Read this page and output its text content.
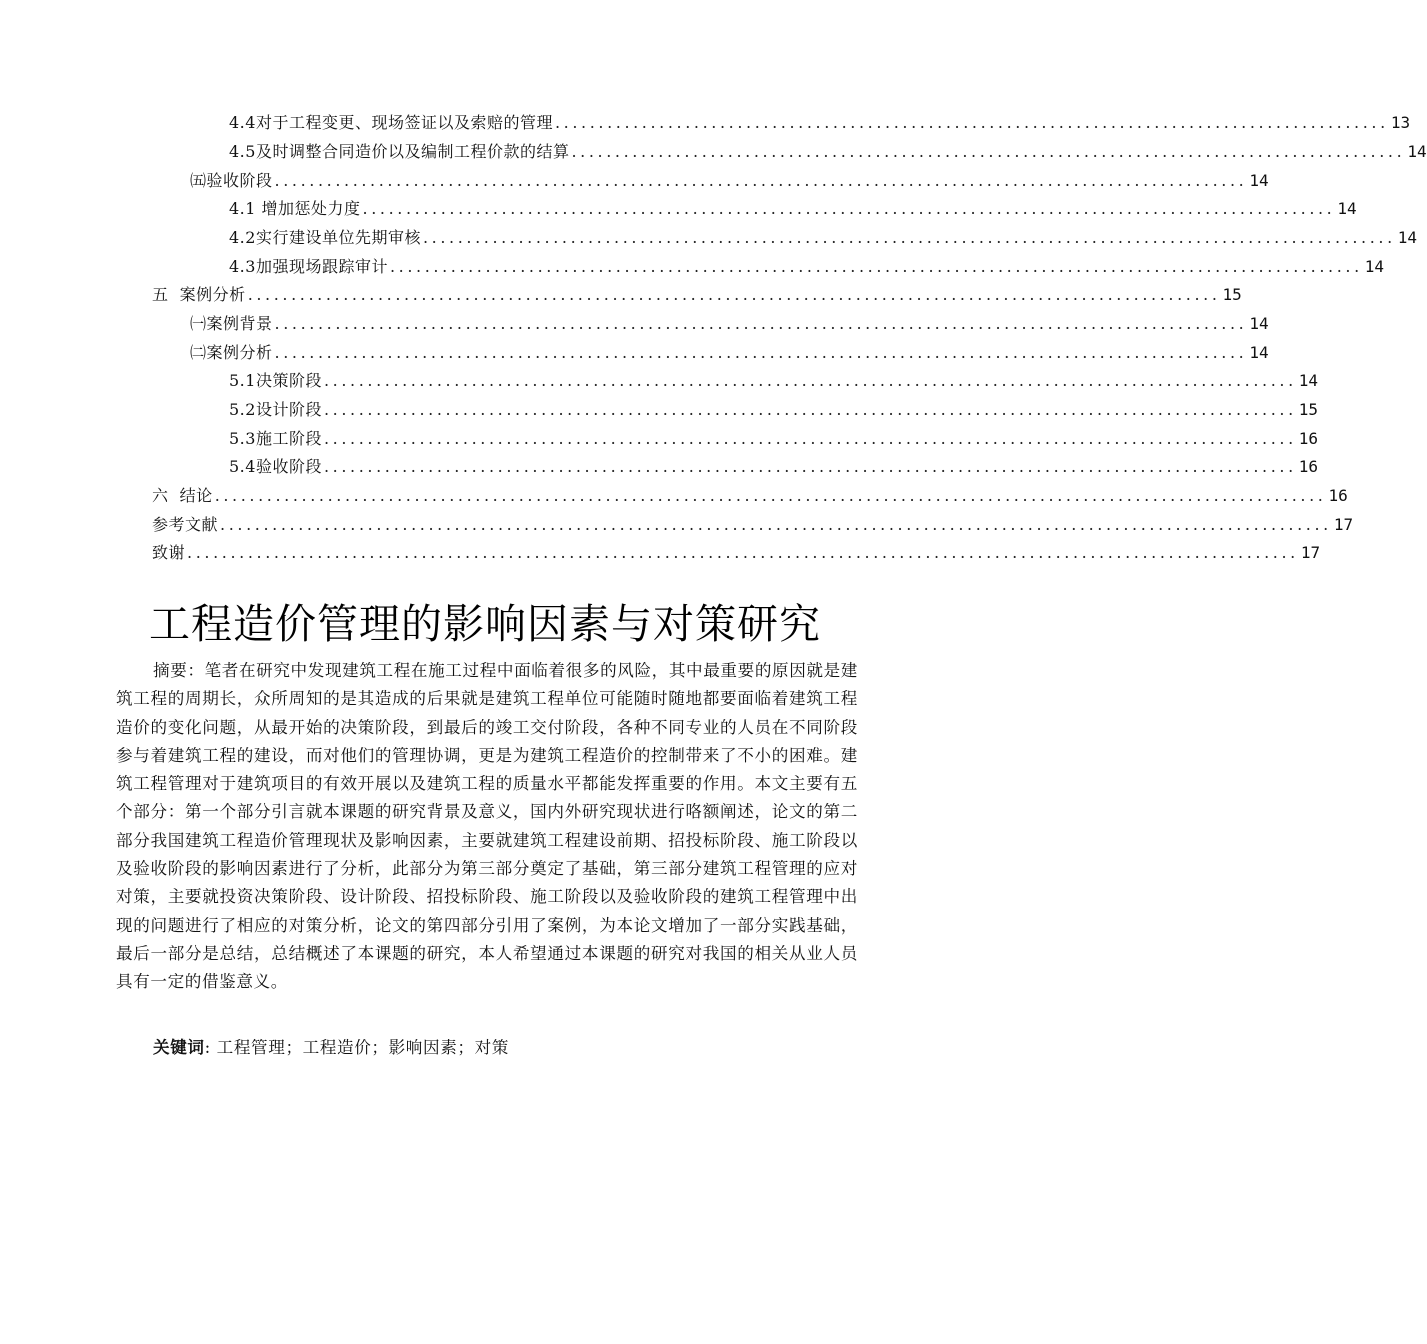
4.4对于工程变更、现场签证以及索赔的管理 ................................................................................................ 13
4.5及时调整合同造价以及编制工程价款的结算 ................................................................................................ 14
㈤验收阶段 ................................................................................................................ 14
4.1 增加惩处力度 ................................................................................................................ 14
4.2实行建设单位先期审核 ................................................................................................................ 14
4.3加强现场跟踪审计 ................................................................................................................ 14
五  案例分析 ................................................................................................................ 15
㈠案例背景 ................................................................................................................ 14
㈡案例分析 ................................................................................................................ 14
5.1决策阶段 ................................................................................................................ 14
5.2设计阶段 ................................................................................................................ 15
5.3施工阶段 ................................................................................................................ 16
5.4验收阶段 ................................................................................................................ 16
六  结论 ................................................................................................................................ 16
参考文献 ................................................................................................................................ 17
致谢 ................................................................................................................................ 17
工程造价管理的影响因素与对策研究

摘要：笔者在研究中发现建筑工程在施工过程中面临着很多的风险，其中最重要的原因就是建筑工程的周期长，众所周知的是其造成的后果就是建筑工程单位可能随时随地都要面临着建筑工程造价的变化问题，从最开始的决策阶段，到最后的竣工交付阶段，各种不同专业的人员在不同阶段参与着建筑工程的建设，而对他们的管理协调，更是为建筑工程造价的控制带来了不小的困难。建筑工程管理对于建筑项目的有效开展以及建筑工程的质量水平都能发挥重要的作用。本文主要有五个部分：第一个部分引言就本课题的研究背景及意义，国内外研究现状进行咯额阐述，论文的第二部分我国建筑工程造价管理现状及影响因素，主要就建筑工程建设前期、招投标阶段、施工阶段以及验收阶段的影响因素进行了分析，此部分为第三部分奠定了基础，第三部分建筑工程管理的应对对策，主要就投资决策阶段、设计阶段、招投标阶段、施工阶段以及验收阶段的建筑工程管理中出现的问题进行了相应的对策分析，论文的第四部分引用了案例，为本论文增加了一部分实践基础，最后一部分是总结，总结概述了本课题的研究，本人希望通过本课题的研究对我国的相关从业人员具有一定的借鉴意义。

关键词: 工程管理；工程造价；影响因素；对策
